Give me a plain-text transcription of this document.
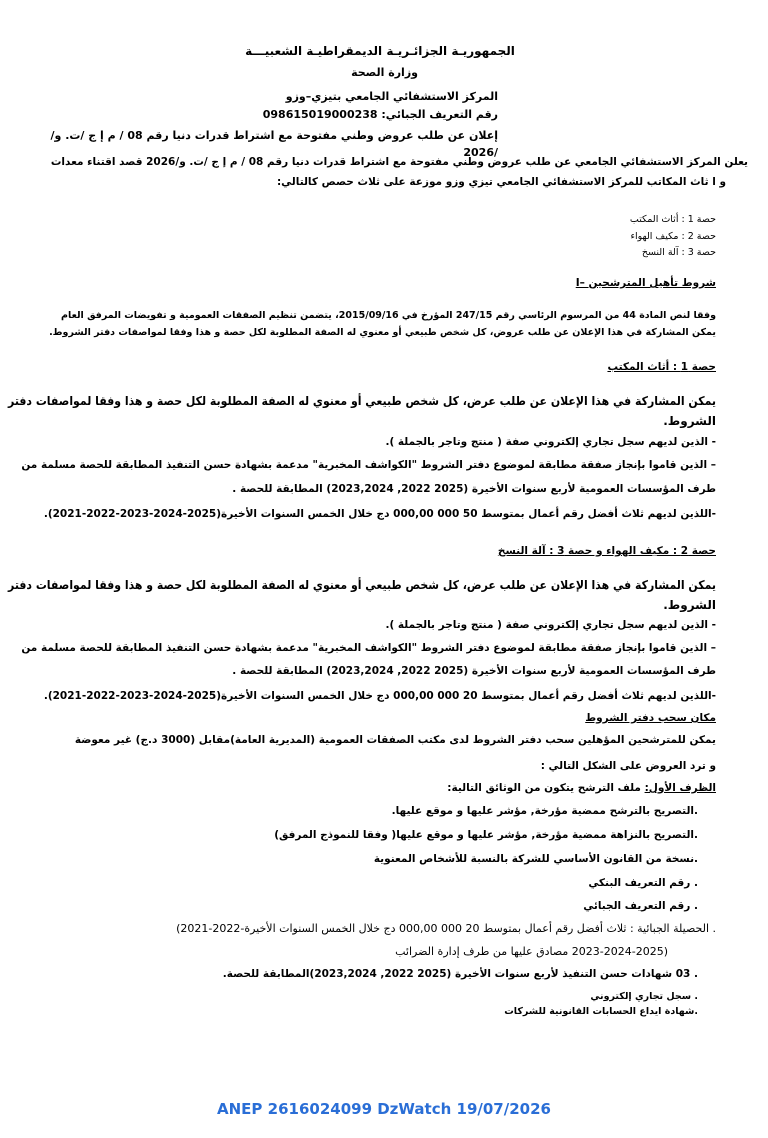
الجمهوريـة الجزائـريـة الديمقراطيـة الشعبيـــة
وزارة الصحة
المركز الاستشفائي الجامعي بتيزي–وزو
رقم التعريف الجبائي: 098615019000238
إعلان عن طلب عروض وطني مفتوحة مع اشتراط قدرات دنيا رقم 08 / م إ ج /ت. و/
2026/
يعلن المركز الاستشفائي الجامعي عن طلب عروض وطني مفتوحة مع اشتراط قدرات دنيا رقم 08 / م إ ج /ت. و/2026 قصد اقتناء معدات
و ا ثاث المكاتب للمركز الاستشفائي الجامعي تيزي وزو موزعة على ثلاث حصص كالتالي:
حصة 1 : أثاث المكتب
حصة 2 : مكيف الهواء
حصة 3 : آلة النسخ
I– شروط تأهيل المترشحين
وفقا لنص المادة 44 من المرسوم الرئاسي رقم 247/15 المؤرخ في 2015/09/16، يتضمن تنظيم الصفقات العمومية و تفويضات المرفق العام
يمكن المشاركة في هذا الإعلان عن طلب عروض، كل شخص طبيعي أو معنوي له الصفة المطلوبة لكل حصة و هذا وفقا لمواصفات دفتر الشروط.
حصة 1 : أثاث المكتب
يمكن المشاركة في هذا الإعلان عن طلب عرض، كل شخص طبيعي أو معنوي له الصفة المطلوبة لكل حصة و هذا وفقا لمواصفات دفتر
الشروط.
- الذين لديهم سجل تجاري إلكتروني صفة ( منتج وتاجر بالجملة ).
– الذين قاموا بإنجاز صفقة مطابقة لموضوع دفتر الشروط "الكواشف المخبرية" مدعمة بشهادة حسن التنفيذ المطابقة للحصة مسلمة من
طرف المؤسسات العمومية لأربع سنوات الأخيرة (2025 2022, 2023,2024) المطابقة للحصة .
-اللذين لديهم ثلاث أفضل رقم أعمال بمتوسط 50 000 000,00 دج خلال الخمس السنوات الأخيرة(2025-2024-2023-2022-2021).
حصة 2 : مكيف الهواء و حصة 3 : آلة النسخ
يمكن المشاركة في هذا الإعلان عن طلب عرض، كل شخص طبيعي أو معنوي له الصفة المطلوبة لكل حصة و هذا وفقا لمواصفات دفتر
الشروط.
- الذين لديهم سجل تجاري إلكتروني صفة ( منتج وتاجر بالجملة ).
– الذين قاموا بإنجاز صفقة مطابقة لموضوع دفتر الشروط "الكواشف المخبرية" مدعمة بشهادة حسن التنفيذ المطابقة للحصة مسلمة من
طرف المؤسسات العمومية لأربع سنوات الأخيرة (2025 2022, 2023,2024) المطابقة للحصة .
-اللذين لديهم ثلاث أفضل رقم أعمال بمتوسط 20 000 000,00 دج خلال الخمس السنوات الأخيرة(2025-2024-2023-2022-2021).
مكان سحب دفتر الشروط
يمكن للمترشحين المؤهلين سحب دفتر الشروط لدى مكتب الصفقات العمومية (المديرية العامة)مقابل (3000 د.ج) غير معوضة
و ترد العروض على الشكل التالي :
الظرف الأول: ملف الترشح يتكون من الوثائق التالية:
.التصريح بالترشح ممضية مؤرخة, مؤشر عليها و موقع عليها.
.التصريح بالنزاهة ممضية مؤرخة, مؤشر عليها و موقع عليها( وفقا للنموذج المرفق)
.نسخة من القانون الأساسي للشركة بالنسبة للأشخاص المعنوية
. رقم التعريف البنكي
. رقم التعريف الجبائي
. الحصيلة الجبائية : ثلاث أفضل رقم أعمال بمتوسط 20 000 000,00 دج خلال الخمس السنوات الأخيرة-2022-2021)
(2023-2024-2025 مصادق عليها من طرف إدارة الضرائب
. 03 شهادات حسن التنفيذ لأربع سنوات الأخيرة (2025 2022, 2023,2024)المطابقة للحصة.
. سجل تجاري إلكتروني
.شهادة ايداع الحسابات القانونية للشركات
ANEP 2616024099 DzWatch 19/07/2026
